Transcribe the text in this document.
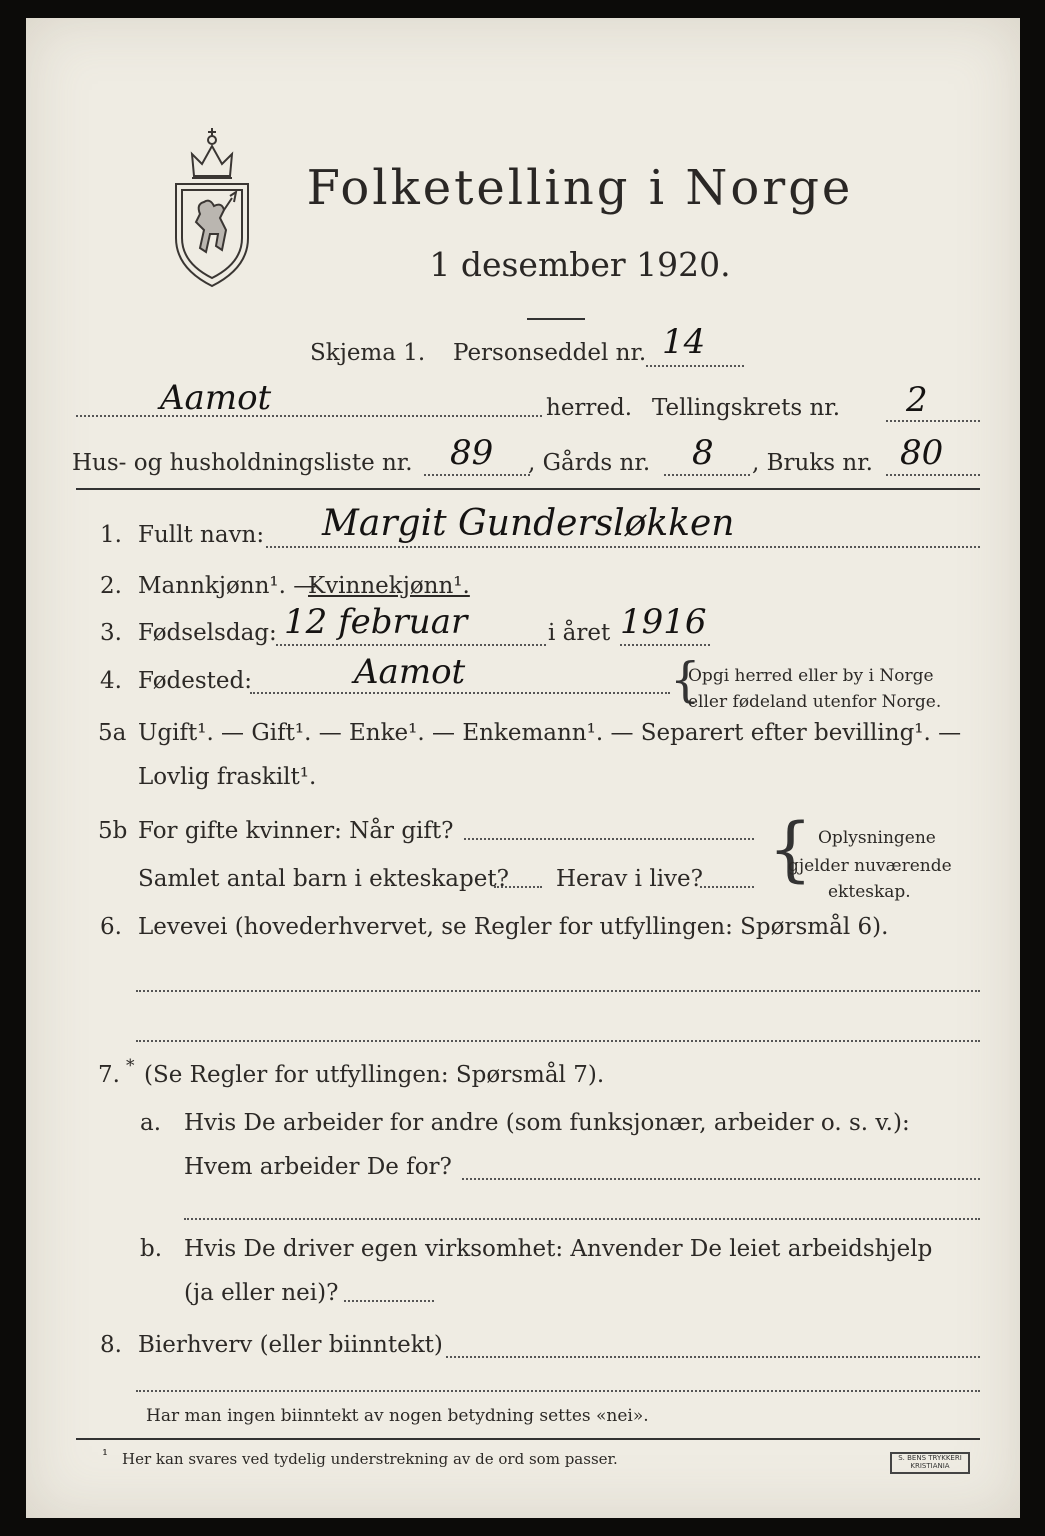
Folketelling i Norge
1 desember 1920.
Skjema 1. Personseddel nr. 14
Aamot	herred. Tellingskrets nr. 2
Hus- og husholdningsliste nr. 89 , Gårds nr. 8 , Bruks nr. 80
1. Fullt navn: Margit Gundersløkken
2. Mannkjønn¹. —
Kvinnekjønn¹.
3. Fødselsdag: 12 februar	i året 1916
4. Fødested:	Aamot	{
Opgi herred eller by i Norge
eller fødeland utenfor Norge.
5a Ugift¹. — Gift¹. — Enke¹. — Enkemann¹. — Separert efter bevilling¹. —
Lovlig fraskilt¹.
5b For gifte kvinner: Når gift?
Samlet antal barn i ekteskapet? Herav i live? { Oplysningene
gjelder nuværende
ekteskap.
6. Levevei (hovederhvervet, se Regler for utfyllingen: Spørsmål 6).
7. * (Se Regler for utfyllingen: Spørsmål 7).
a. Hvis De arbeider for andre (som funksjonær, arbeider o. s. v.):
Hvem arbeider De for?
b. Hvis De driver egen virksomhet: Anvender De leiet arbeidshjelp
(ja eller nei)?
8. Bierhverv (eller biinntekt)
Har man ingen biinntekt av nogen betydning settes «nei».
¹ Her kan svares ved tydelig understrekning av de ord som passer.	S. BENS TRYKKERI KRISTIANIA
